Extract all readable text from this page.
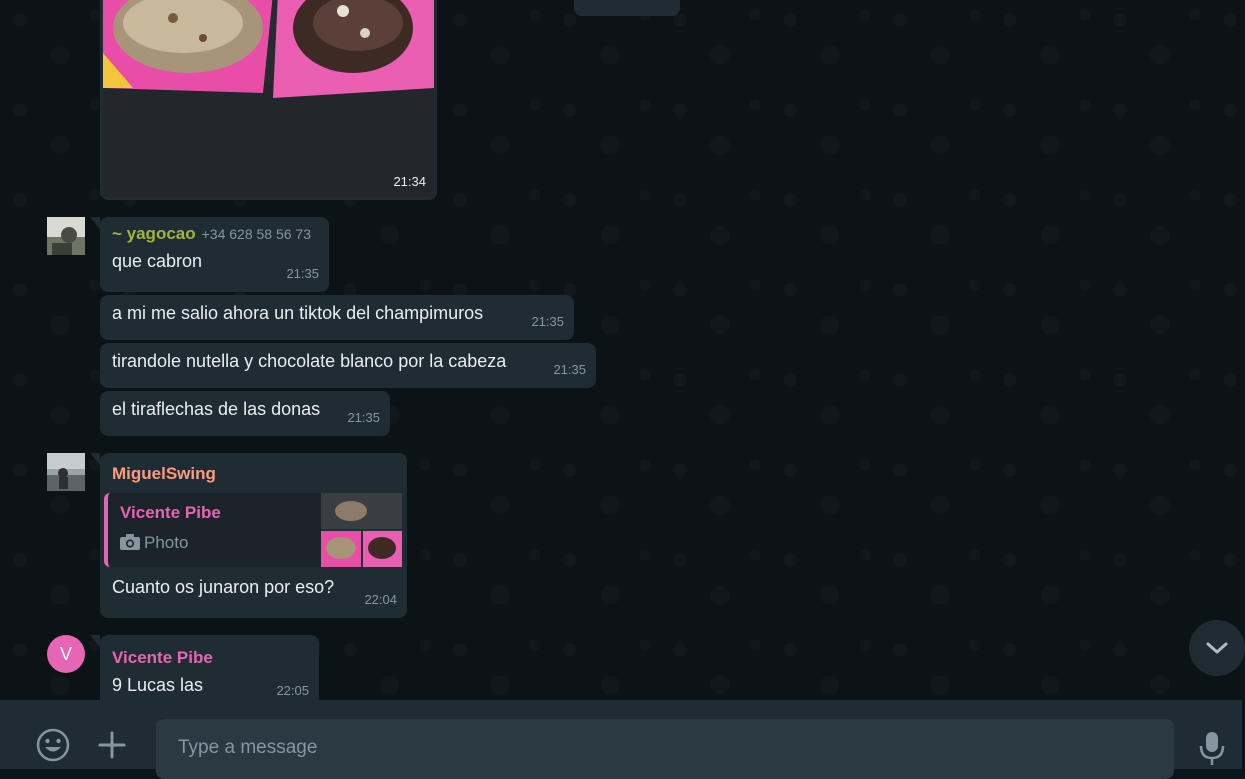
21:34
~ yagocao +34 628 58 56 73
que cabron
21:35
a mi me salio ahora un tiktok del champimuros	21:35
tirandole nutella y chocolate blanco por la cabeza	21:35
el tiraflechas de las donas 21:35
MiguelSwing
Vicente Pibe
Photo
Cuanto os junaron por eso?
22:04
V	Vicente Pibe
9 Lucas las	22:05
Type a message
